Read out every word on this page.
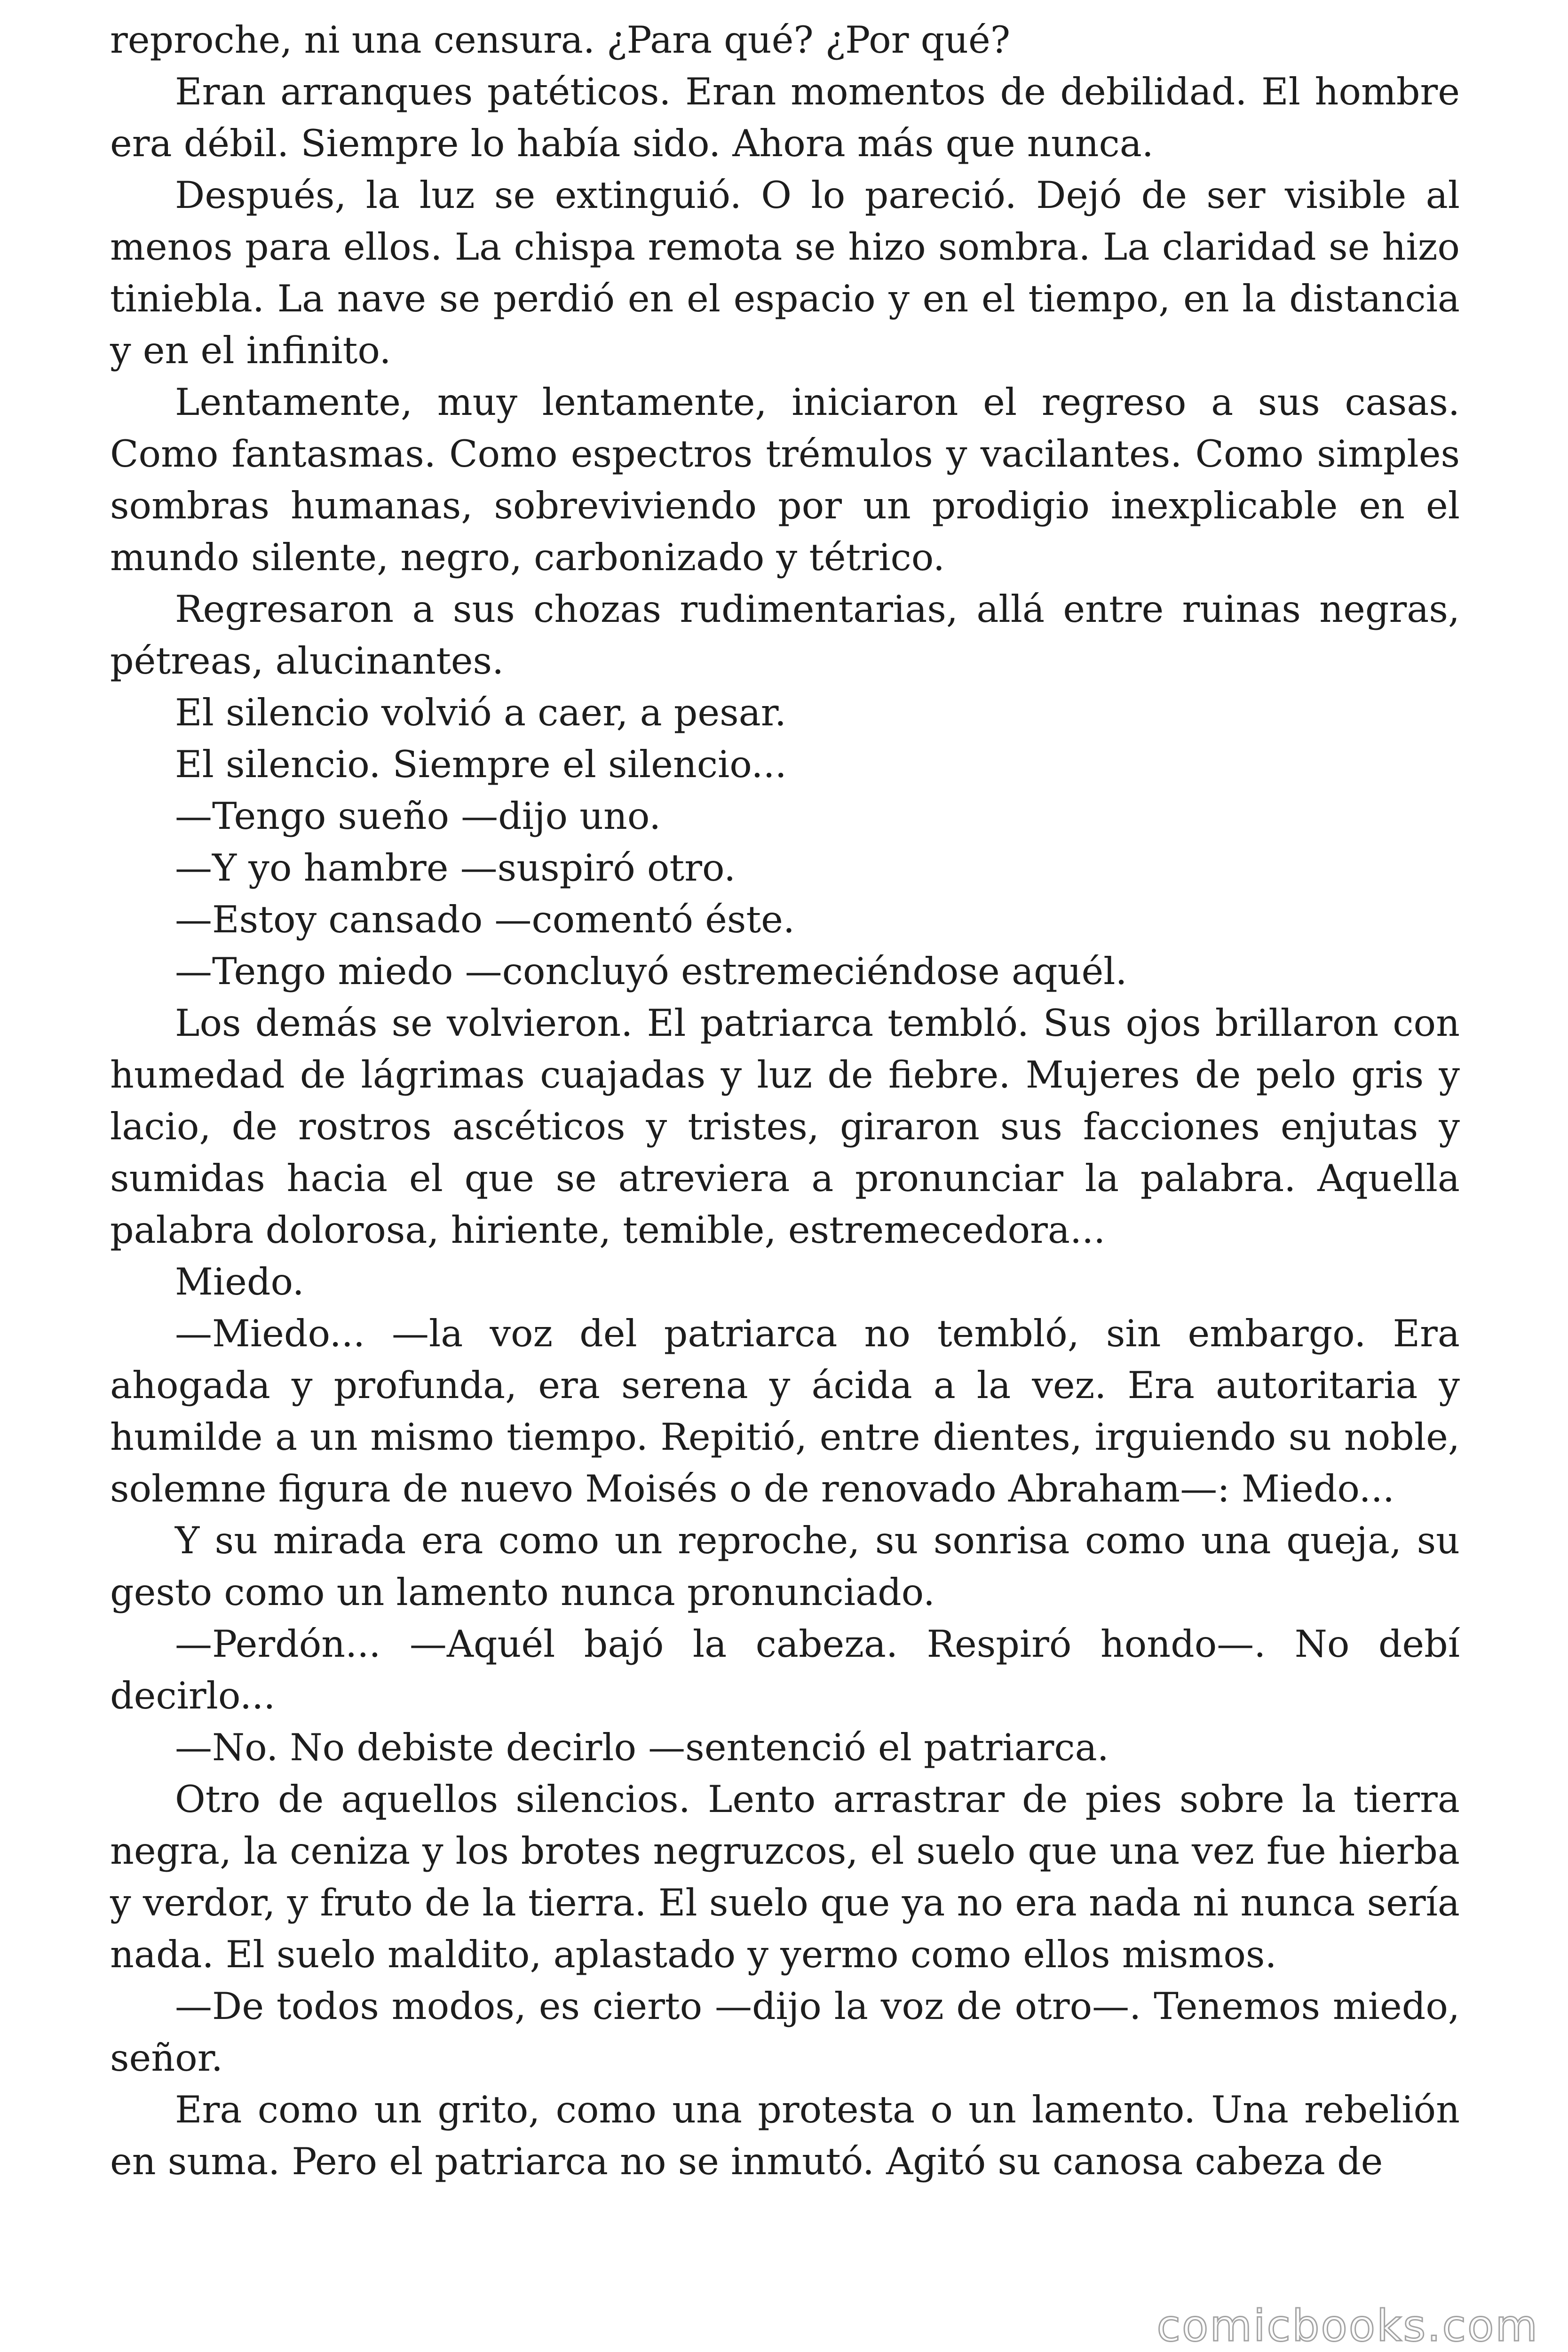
reproche, ni una censura. ¿Para qué? ¿Por qué?

Eran arranques patéticos. Eran momentos de debilidad. El hombre era débil. Siempre lo había sido. Ahora más que nunca.

Después, la luz se extinguió. O lo pareció. Dejó de ser visible al menos para ellos. La chispa remota se hizo sombra. La claridad se hizo tiniebla. La nave se perdió en el espacio y en el tiempo, en la distancia y en el infinito.

Lentamente, muy lentamente, iniciaron el regreso a sus casas. Como fantasmas. Como espectros trémulos y vacilantes. Como simples sombras humanas, sobreviviendo por un prodigio inexplicable en el mundo silente, negro, carbonizado y tétrico.

Regresaron a sus chozas rudimentarias, allá entre ruinas negras, pétreas, alucinantes.

El silencio volvió a caer, a pesar.

El silencio. Siempre el silencio...

—Tengo sueño —dijo uno.

—Y yo hambre —suspiró otro.

—Estoy cansado —comentó éste.

—Tengo miedo —concluyó estremeciéndose aquél.

Los demás se volvieron. El patriarca tembló. Sus ojos brillaron con humedad de lágrimas cuajadas y luz de fiebre. Mujeres de pelo gris y lacio, de rostros ascéticos y tristes, giraron sus facciones enjutas y sumidas hacia el que se atreviera a pronunciar la palabra. Aquella palabra dolorosa, hiriente, temible, estremecedora...

Miedo.

—Miedo... —la voz del patriarca no tembló, sin embargo. Era ahogada y profunda, era serena y ácida a la vez. Era autoritaria y humilde a un mismo tiempo. Repitió, entre dientes, irguiendo su noble, solemne figura de nuevo Moisés o de renovado Abraham—: Miedo...

Y su mirada era como un reproche, su sonrisa como una queja, su gesto como un lamento nunca pronunciado.

—Perdón... —Aquél bajó la cabeza. Respiró hondo—. No debí decirlo...

—No. No debiste decirlo —sentenció el patriarca.

Otro de aquellos silencios. Lento arrastrar de pies sobre la tierra negra, la ceniza y los brotes negruzcos, el suelo que una vez fue hierba y verdor, y fruto de la tierra. El suelo que ya no era nada ni nunca sería nada. El suelo maldito, aplastado y yermo como ellos mismos.

—De todos modos, es cierto —dijo la voz de otro—. Tenemos miedo, señor.

Era como un grito, como una protesta o un lamento. Una rebelión en suma. Pero el patriarca no se inmutó. Agitó su canosa cabeza de

comicbooks.com
